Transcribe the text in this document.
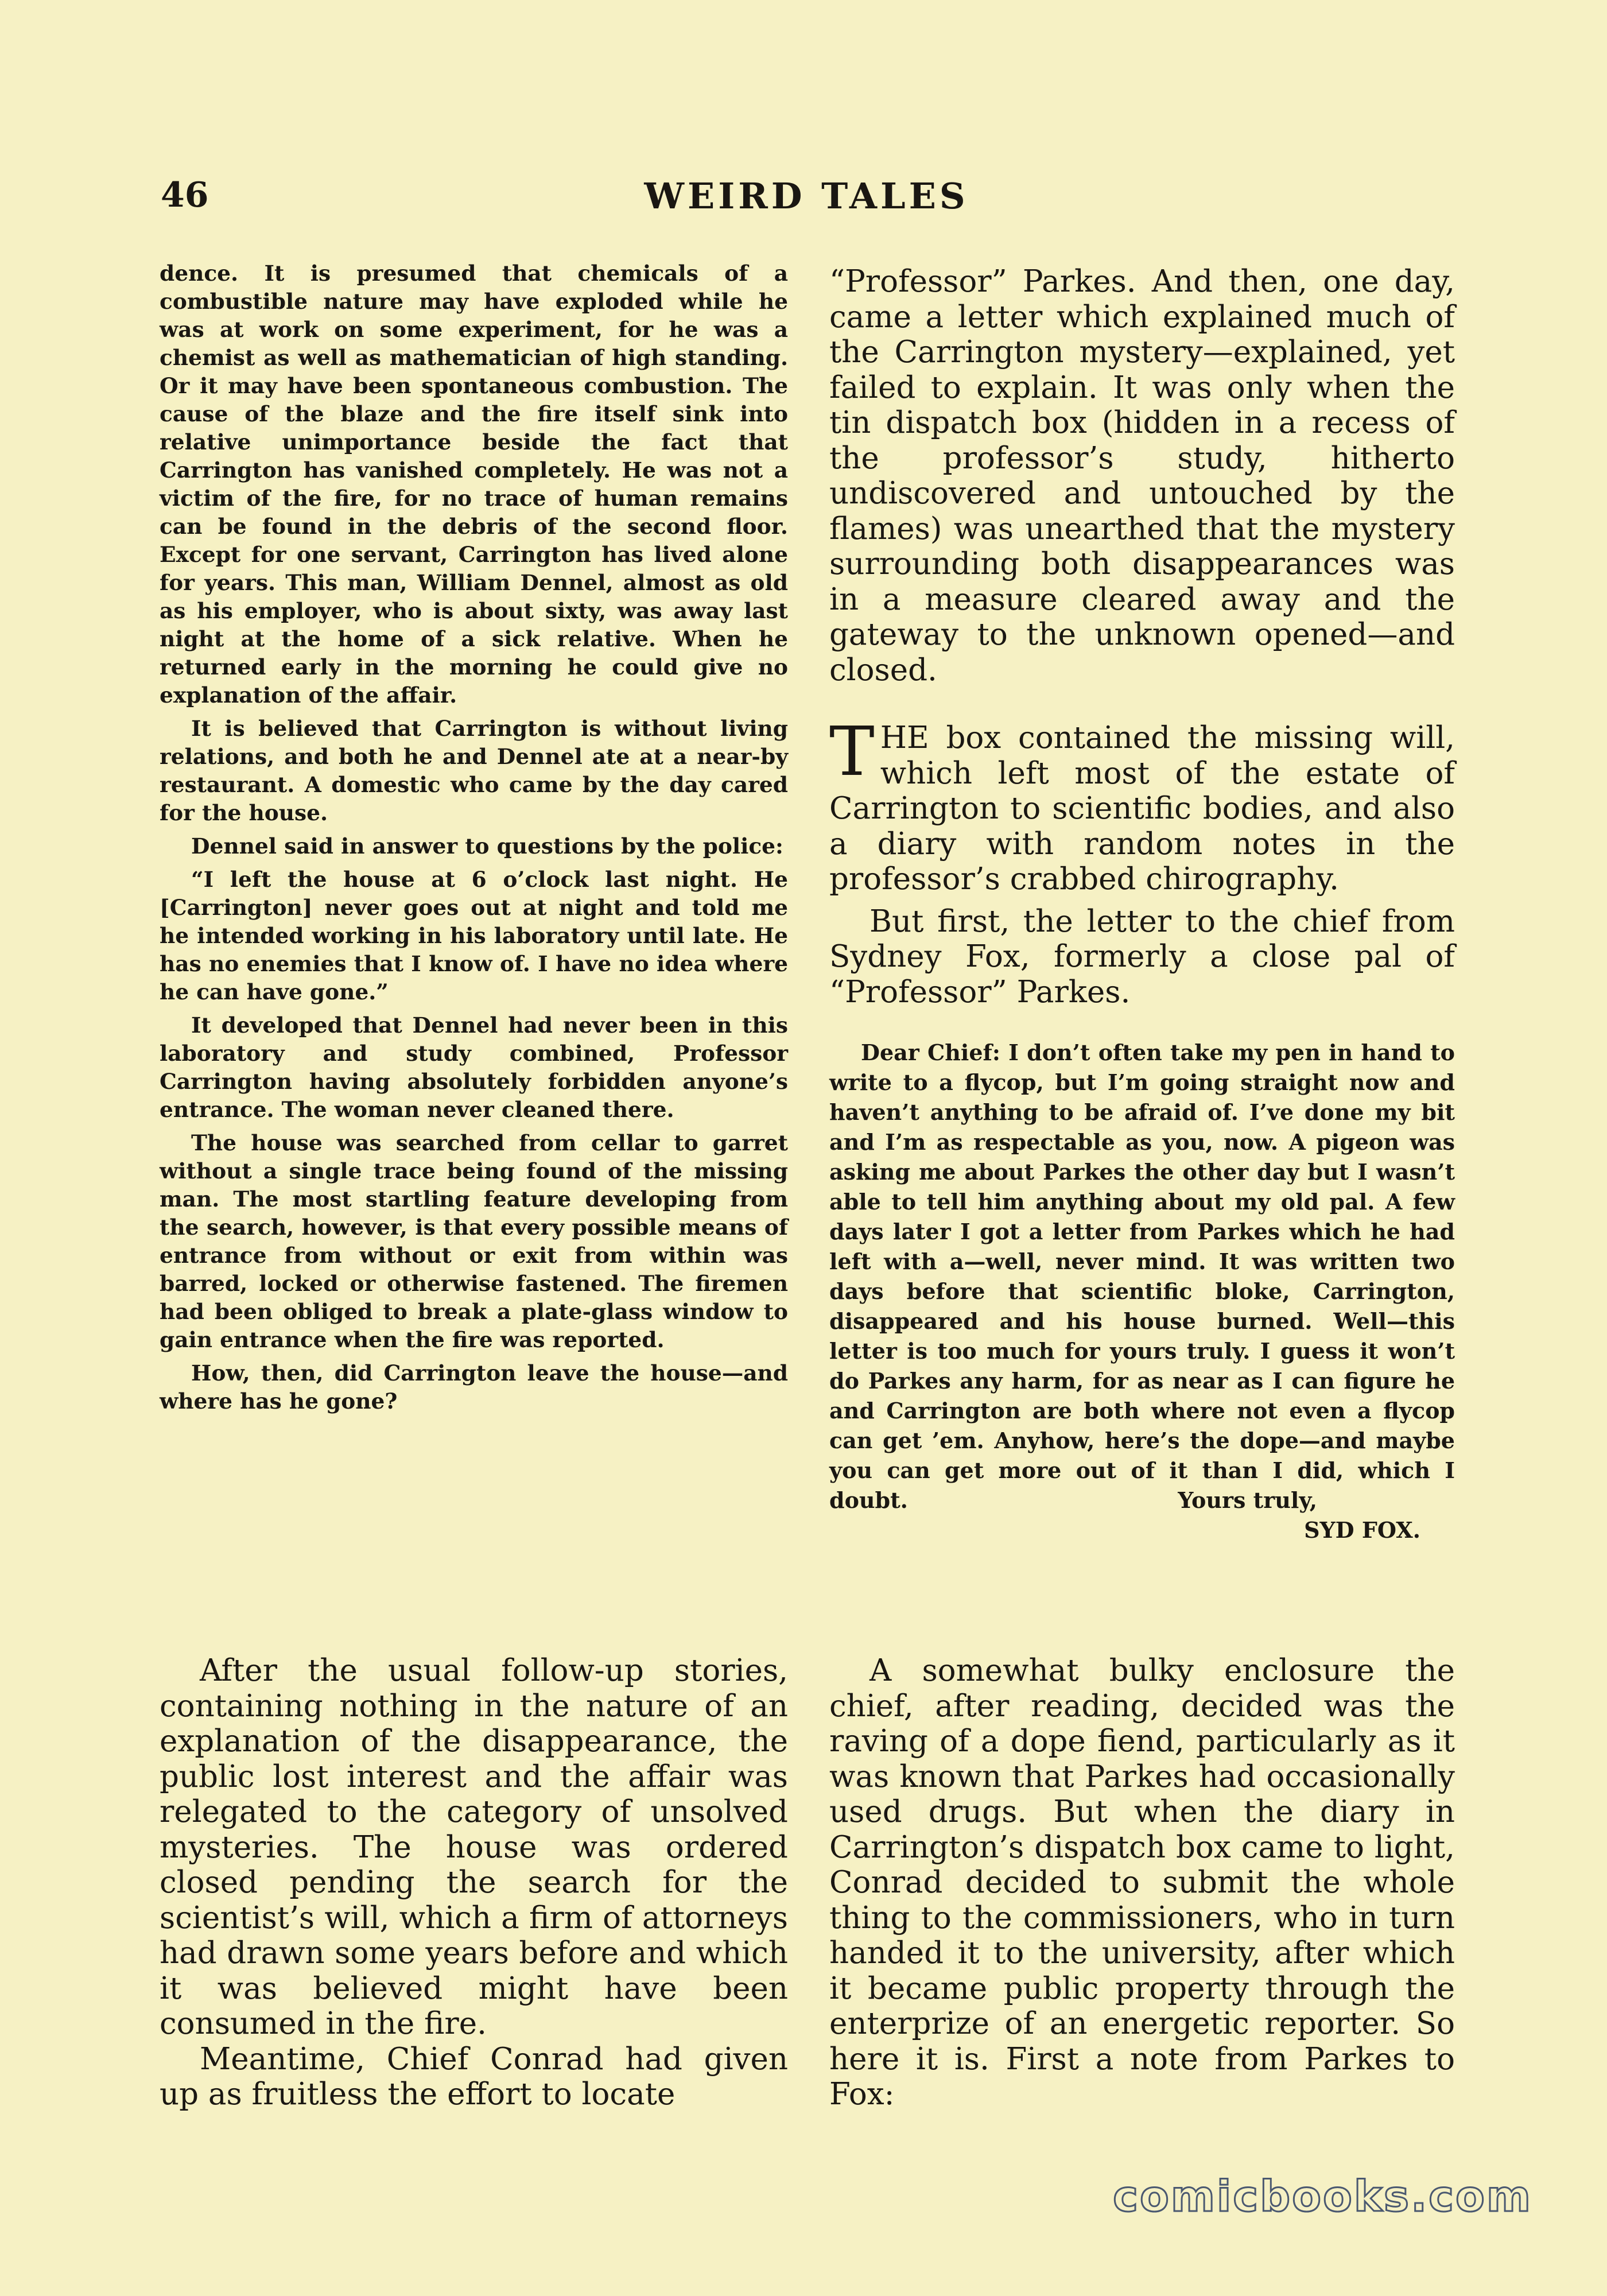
46	WEIRD TALES

dence. It is presumed that chemicals of a combustible nature may have exploded while he was at work on some experiment, for he was a chemist as well as mathematician of high standing. Or it may have been spontaneous combustion. The cause of the blaze and the fire itself sink into relative unimportance beside the fact that Carrington has vanished completely. He was not a victim of the fire, for no trace of human remains can be found in the debris of the second floor. Except for one servant, Carrington has lived alone for years. This man, William Dennel, almost as old as his employer, who is about sixty, was away last night at the home of a sick relative. When he returned early in the morning he could give no explanation of the affair.

It is believed that Carrington is without living relations, and both he and Dennel ate at a near-by restaurant. A domestic who came by the day cared for the house.

Dennel said in answer to questions by the police:

“I left the house at 6 o’clock last night. He [Carrington] never goes out at night and told me he intended working in his laboratory until late. He has no enemies that I know of. I have no idea where he can have gone.”

It developed that Dennel had never been in this laboratory and study combined, Professor Carrington having absolutely forbidden anyone’s entrance. The woman never cleaned there.

The house was searched from cellar to garret without a single trace being found of the missing man. The most startling feature developing from the search, however, is that every possible means of entrance from without or exit from within was barred, locked or otherwise fastened. The firemen had been obliged to break a plate-glass window to gain entrance when the fire was reported.

How, then, did Carrington leave the house—and where has he gone?

After the usual follow-up stories, containing nothing in the nature of an explanation of the disappearance, the public lost interest and the affair was relegated to the category of unsolved mysteries. The house was ordered closed pending the search for the scientist’s will, which a firm of attorneys had drawn some years before and which it was believed might have been consumed in the fire.

Meantime, Chief Conrad had given up as fruitless the effort to locate

“Professor” Parkes. And then, one day, came a letter which explained much of the Carrington mystery—explained, yet failed to explain. It was only when the tin dispatch box (hidden in a recess of the professor’s study, hitherto undiscovered and untouched by the flames) was unearthed that the mystery surrounding both disappearances was in a measure cleared away and the gateway to the unknown opened—and closed.

THE box contained the missing will, which left most of the estate of Carrington to scientific bodies, and also a diary with random notes in the professor’s crabbed chirography.

But first, the letter to the chief from Sydney Fox, formerly a close pal of “Professor” Parkes.

Dear Chief: I don’t often take my pen in hand to write to a flycop, but I’m going straight now and haven’t anything to be afraid of. I’ve done my bit and I’m as respectable as you, now. A pigeon was asking me about Parkes the other day but I wasn’t able to tell him anything about my old pal. A few days later I got a letter from Parkes which he had left with a—well, never mind. It was written two days before that scientific bloke, Carrington, disappeared and his house burned. Well—this letter is too much for yours truly. I guess it won’t do Parkes any harm, for as near as I can figure he and Carrington are both where not even a flycop can get ’em. Anyhow, here’s the dope—and maybe you can get more out of it than I did, which I doubt.	Yours truly,
SYD FOX.

A somewhat bulky enclosure the chief, after reading, decided was the raving of a dope fiend, particularly as it was known that Parkes had occasionally used drugs. But when the diary in Carrington’s dispatch box came to light, Conrad decided to submit the whole thing to the commissioners, who in turn handed it to the university, after which it became public property through the enterprize of an energetic reporter. So here it is. First a note from Parkes to Fox:

comicbooks.com
